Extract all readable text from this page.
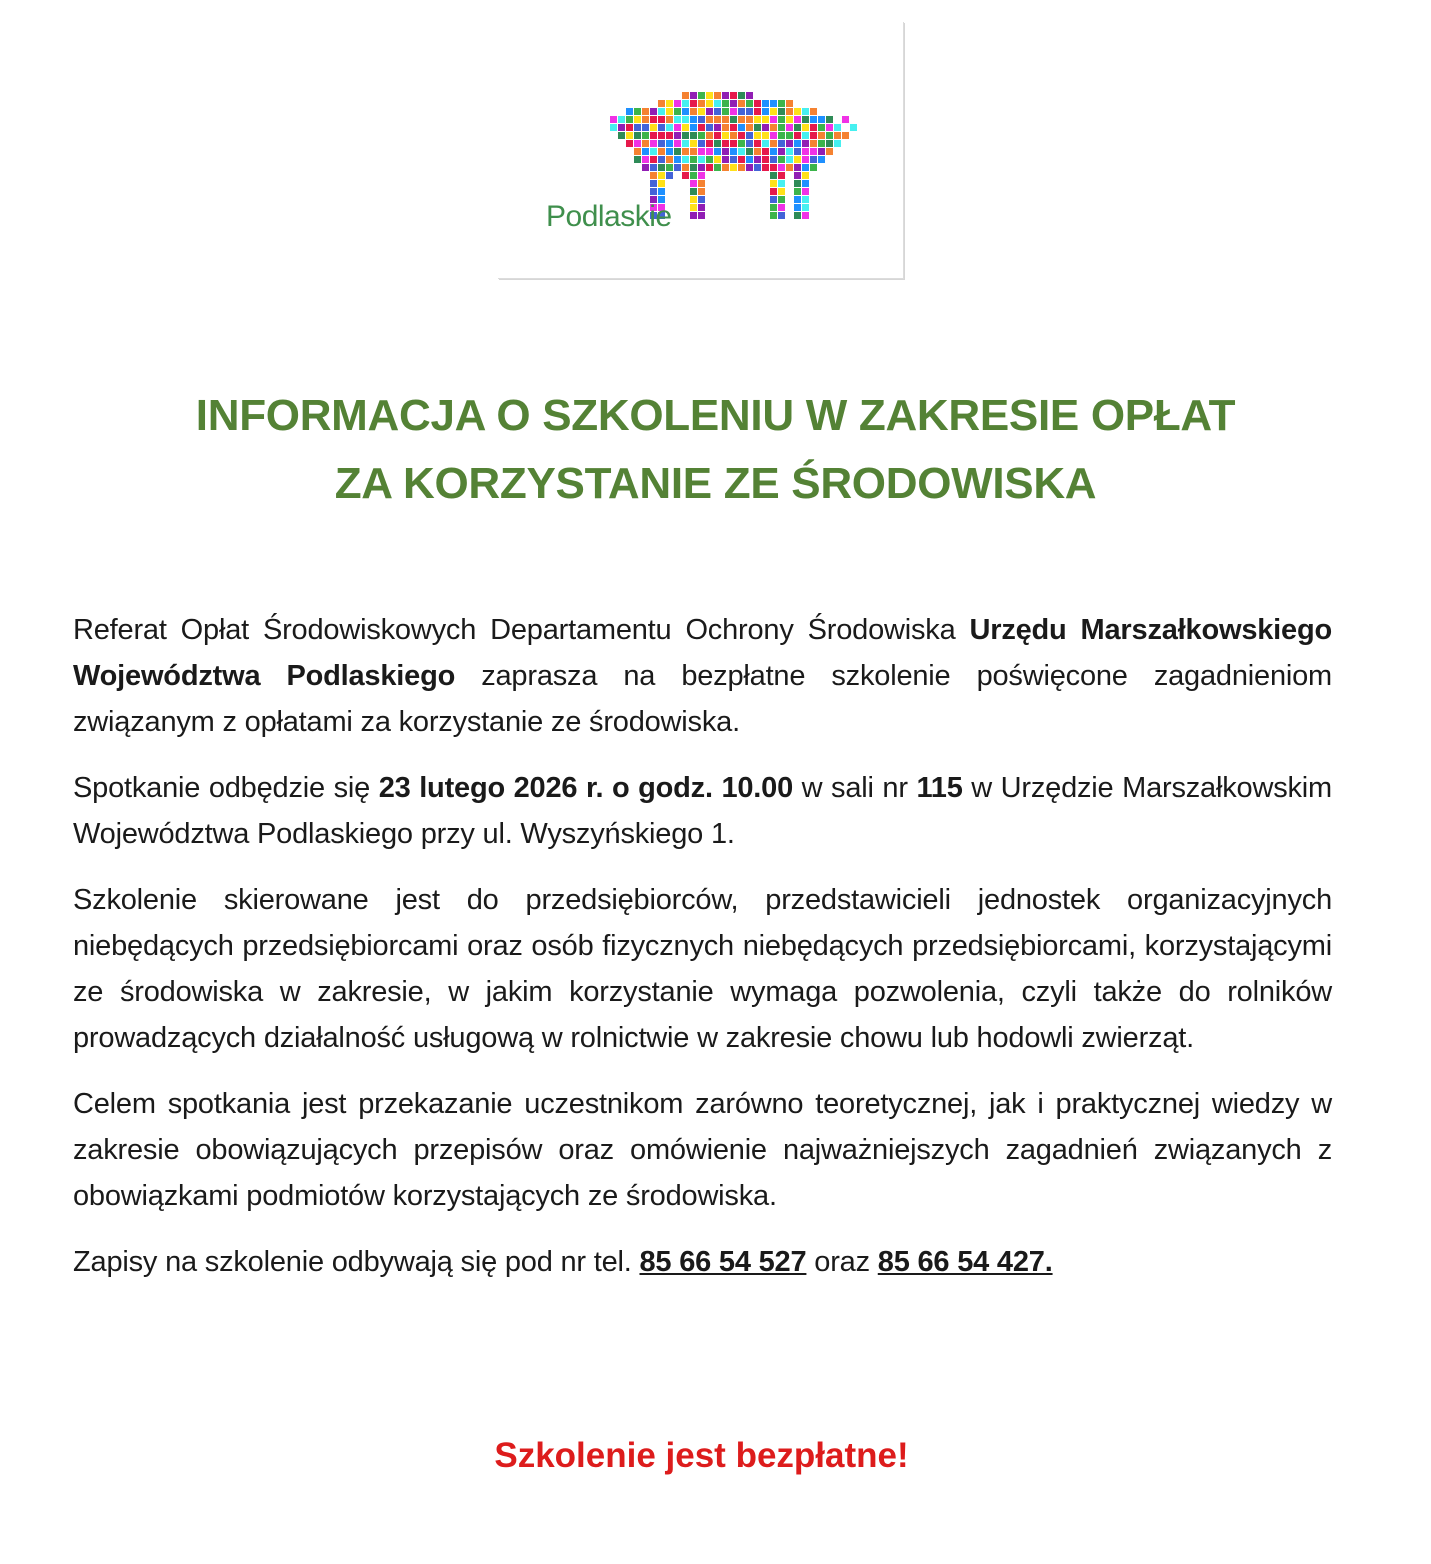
Podlaskie
INFORMACJA O SZKOLENIU W ZAKRESIE OPŁAT
ZA KORZYSTANIE ZE ŚRODOWISKA

Referat Opłat Środowiskowych Departamentu Ochrony Środowiska Urzędu Marszałkowskiego Województwa Podlaskiego zaprasza na bezpłatne szkolenie poświęcone zagadnieniom związanym z opłatami za korzystanie ze środowiska.

Spotkanie odbędzie się 23 lutego 2026 r. o godz. 10.00 w sali nr 115 w Urzędzie Marszałkowskim Województwa Podlaskiego przy ul. Wyszyńskiego 1.

Szkolenie skierowane jest do przedsiębiorców, przedstawicieli jednostek organizacyjnych niebędących przedsiębiorcami oraz osób fizycznych niebędących przedsiębiorcami, korzystającymi ze środowiska w zakresie, w jakim korzystanie wymaga pozwolenia, czyli także do rolników prowadzących działalność usługową w rolnictwie w zakresie chowu lub hodowli zwierząt.

Celem spotkania jest przekazanie uczestnikom zarówno teoretycznej, jak i praktycznej wiedzy w zakresie obowiązujących przepisów oraz omówienie najważniejszych zagadnień związanych z obowiązkami podmiotów korzystających ze środowiska.

Zapisy na szkolenie odbywają się pod nr tel. 85 66 54 527 oraz 85 66 54 427.

Szkolenie jest bezpłatne!
